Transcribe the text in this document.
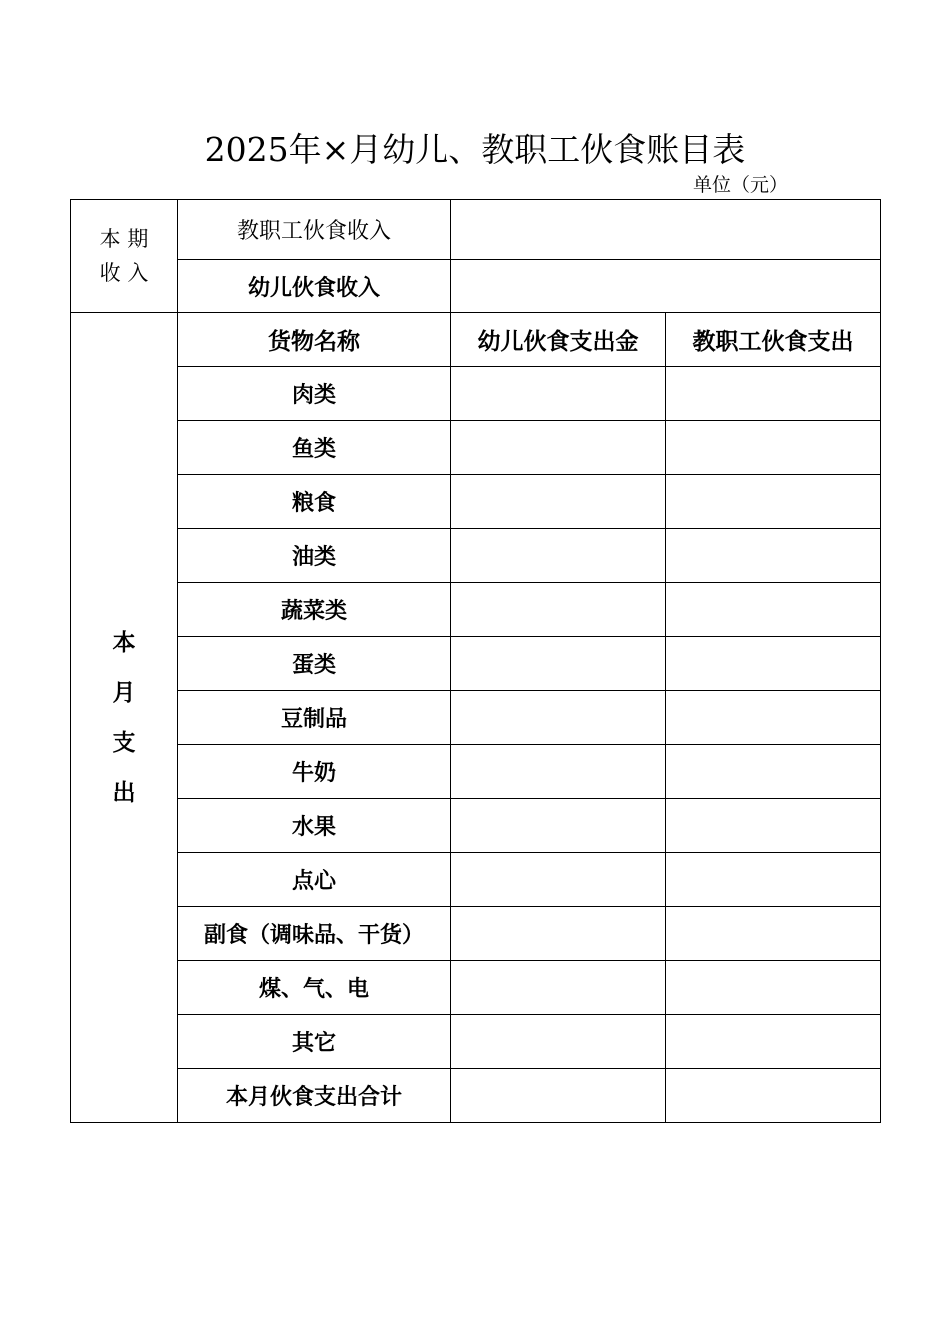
2025年×月幼儿、教职工伙食账目表
单位（元）
本 期
收 入	教职工伙食收入		
	幼儿伙食收入		

本
月
支
出	货物名称	幼儿伙食支出金	教职工伙食支出
	肉类		
	鱼类		
	粮食		
	油类		
	蔬菜类		
	蛋类		
	豆制品		
	牛奶		
	水果		
	点心		
	副食（调味品、干货）		
	煤、气、电		
	其它		
	本月伙食支出合计		
